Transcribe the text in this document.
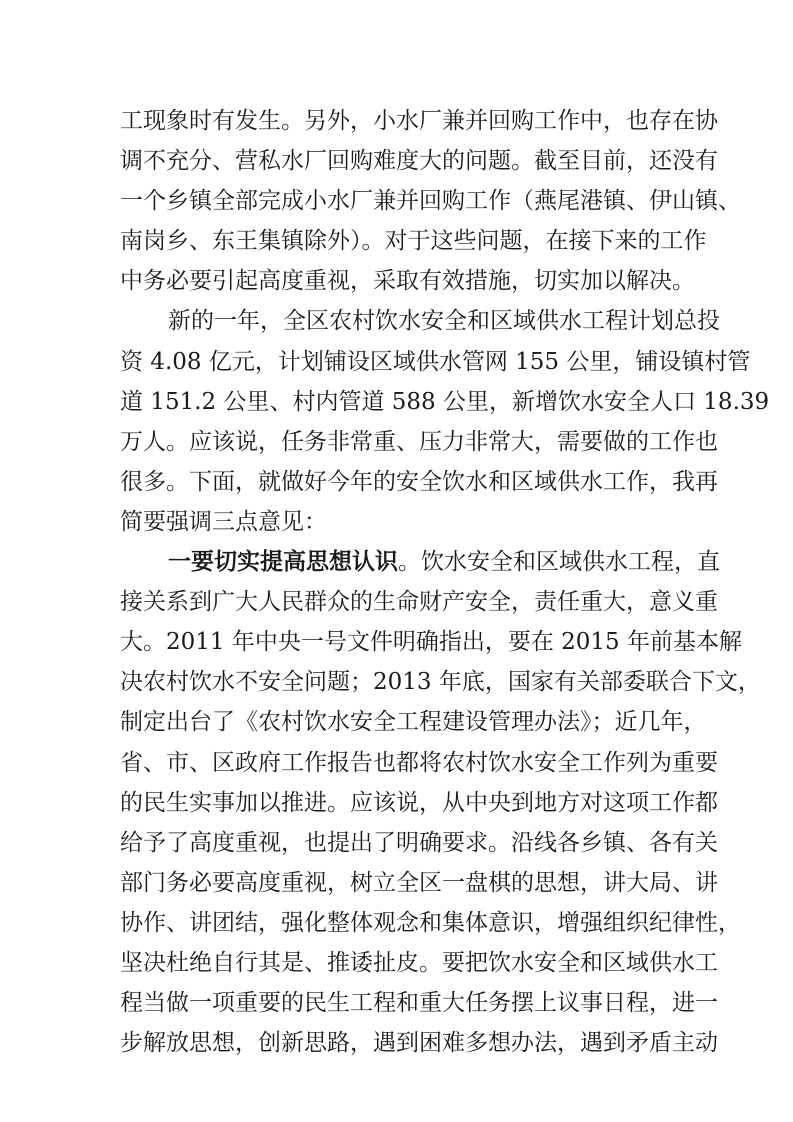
工现象时有发生。另外，小水厂兼并回购工作中，也存在协
调不充分、营私水厂回购难度大的问题。截至目前，还没有
一个乡镇全部完成小水厂兼并回购工作（燕尾港镇、伊山镇、
南岗乡、东王集镇除外）。对于这些问题，在接下来的工作
中务必要引起高度重视，采取有效措施，切实加以解决。
新的一年，全区农村饮水安全和区域供水工程计划总投
资 4.08 亿元，计划铺设区域供水管网 155 公里，铺设镇村管
道 151.2 公里、村内管道 588 公里，新增饮水安全人口 18.39
万人。应该说，任务非常重、压力非常大，需要做的工作也
很多。下面，就做好今年的安全饮水和区域供水工作，我再
简要强调三点意见：
一要切实提高思想认识。饮水安全和区域供水工程，直
接关系到广大人民群众的生命财产安全，责任重大，意义重
大。2011 年中央一号文件明确指出，要在 2015 年前基本解
决农村饮水不安全问题；2013 年底，国家有关部委联合下文，
制定出台了《农村饮水安全工程建设管理办法》；近几年，
省、市、区政府工作报告也都将农村饮水安全工作列为重要
的民生实事加以推进。应该说，从中央到地方对这项工作都
给予了高度重视，也提出了明确要求。沿线各乡镇、各有关
部门务必要高度重视，树立全区一盘棋的思想，讲大局、讲
协作、讲团结，强化整体观念和集体意识，增强组织纪律性，
坚决杜绝自行其是、推诿扯皮。要把饮水安全和区域供水工
程当做一项重要的民生工程和重大任务摆上议事日程，进一
步解放思想，创新思路，遇到困难多想办法，遇到矛盾主动
